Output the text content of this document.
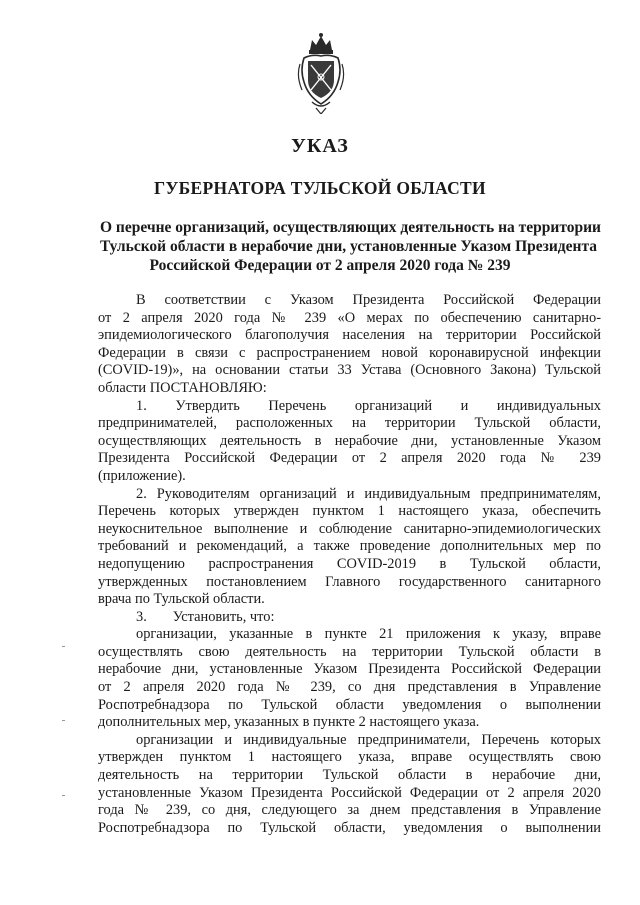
УКАЗ
ГУБЕРНАТОРА ТУЛЬСКОЙ ОБЛАСТИ
О перечне организаций, осуществляющих деятельность на территории
Тульской области в нерабочие дни, установленные Указом Президента
Российской Федерации от 2 апреля 2020 года № 239
В соответствии с Указом Президента Российской Федерации
от 2 апреля 2020 года № 239 «О мерах по обеспечению санитарно-
эпидемиологического благополучия населения на территории Российской
Федерации в связи с распространением новой коронавирусной инфекции
(COVID-19)», на основании статьи 33 Устава (Основного Закона) Тульской
области ПОСТАНОВЛЯЮ:
1. Утвердить Перечень организаций и индивидуальных
предпринимателей, расположенных на территории Тульской области,
осуществляющих деятельность в нерабочие дни, установленные Указом
Президента Российской Федерации от 2 апреля 2020 года № 239
(приложение).
2. Руководителям организаций и индивидуальным предпринимателям,
Перечень которых утвержден пунктом 1 настоящего указа, обеспечить
неукоснительное выполнение и соблюдение санитарно-эпидемиологических
требований и рекомендаций, а также проведение дополнительных мер по
недопущению распространения COVID-2019 в Тульской области,
утвержденных постановлением Главного государственного санитарного
врача по Тульской области.
3. Установить, что:
организации, указанные в пункте 21 приложения к указу, вправе
осуществлять свою деятельность на территории Тульской области в
нерабочие дни, установленные Указом Президента Российской Федерации
от 2 апреля 2020 года № 239, со дня представления в Управление
Роспотребнадзора по Тульской области уведомления о выполнении
дополнительных мер, указанных в пункте 2 настоящего указа.
организации и индивидуальные предприниматели, Перечень которых
утвержден пунктом 1 настоящего указа, вправе осуществлять свою
деятельность на территории Тульской области в нерабочие дни,
установленные Указом Президента Российской Федерации от 2 апреля 2020
года № 239, со дня, следующего за днем представления в Управление
Роспотребнадзора по Тульской области, уведомления о выполнении
